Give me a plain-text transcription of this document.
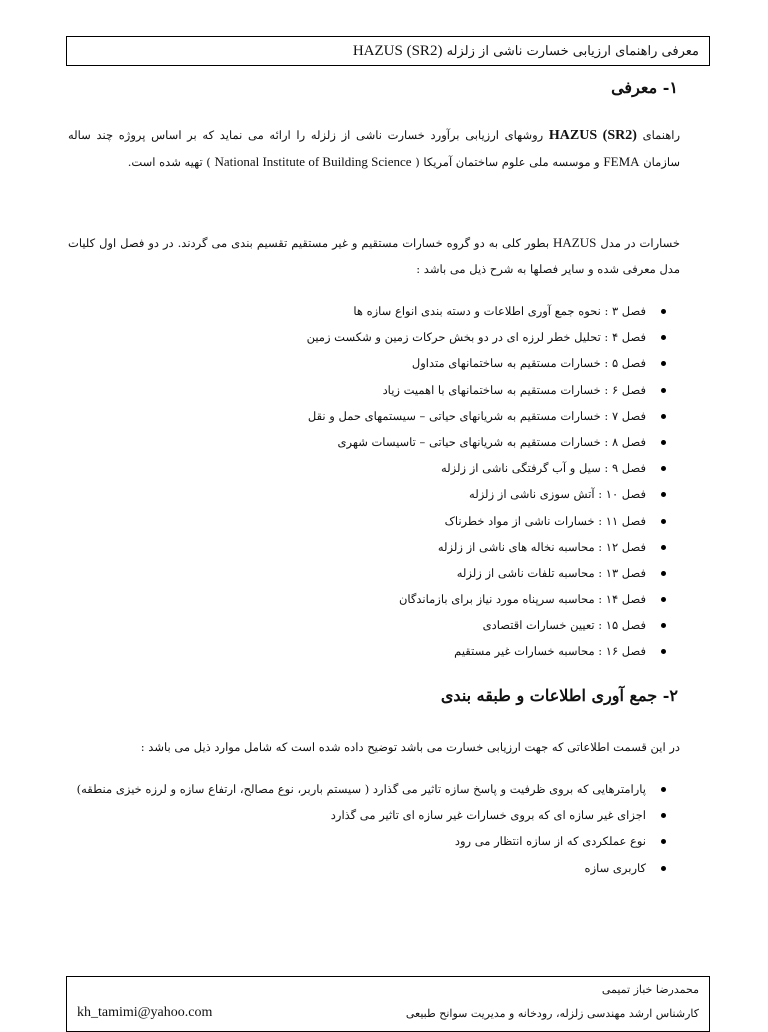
معرفی راهنمای ارزیابی خسارت ناشی از زلزله HAZUS (SR2)
۱- معرفی
راهنمای HAZUS (SR2) روشهای ارزیابی برآورد خسارت ناشی از زلزله را ارائه می نماید که بر اساس پروژه چند ساله سازمان FEMA و موسسه ملی علوم ساختمان آمریکا ( National Institute of Building Science ) تهیه شده است.
خسارات در مدل HAZUS بطور کلی به دو گروه خسارات مستقیم و غیر مستقیم تقسیم بندی می گردند. در دو فصل اول کلیات مدل معرفی شده و سایر فصلها به شرح ذیل می باشد :
فصل ۳ : نحوه جمع آوری اطلاعات و دسته بندی انواع سازه ها
فصل ۴ : تحلیل خطر لرزه ای در دو بخش حرکات زمین و شکست زمین
فصل ۵ : خسارات مستقیم به ساختمانهای متداول
فصل ۶ : خسارات مستقیم به ساختمانهای با اهمیت زیاد
فصل ۷ : خسارات مستقیم به شریانهای حیاتی – سیستمهای حمل و نقل
فصل ۸ : خسارات مستقیم به شریانهای حیاتی – تاسیسات شهری
فصل ۹ : سیل و آب گرفتگی ناشی از زلزله
فصل ۱۰ : آتش سوزی ناشی از زلزله
فصل ۱۱ : خسارات ناشی از مواد خطرناک
فصل ۱۲ : محاسبه نخاله های ناشی از زلزله
فصل ۱۳ : محاسبه تلفات ناشی از زلزله
فصل ۱۴ : محاسبه سرپناه مورد نیاز برای بازماندگان
فصل ۱۵ : تعیین خسارات اقتصادی
فصل ۱۶ : محاسبه خسارات غیر مستقیم
۲- جمع آوری اطلاعات و طبقه بندی
در این قسمت اطلاعاتی که جهت ارزیابی خسارت می باشد توضیح داده شده است که شامل موارد ذیل می باشد :
پارامترهایی که بروی ظرفیت و پاسخ سازه تاثیر می گذارد ( سیستم باربر، نوع مصالح، ارتفاع سازه و لرزه خیزی منطقه)
اجزای غیر سازه ای که بروی خسارات غیر سازه ای تاثیر می گذارد
نوع عملکردی که از سازه انتظار می رود
کاربری سازه
محمدرضا خباز تمیمی
کارشناس ارشد مهندسی زلزله، رودخانه و مدیریت سوانح طبیعی
kh_tamimi@yahoo.com
